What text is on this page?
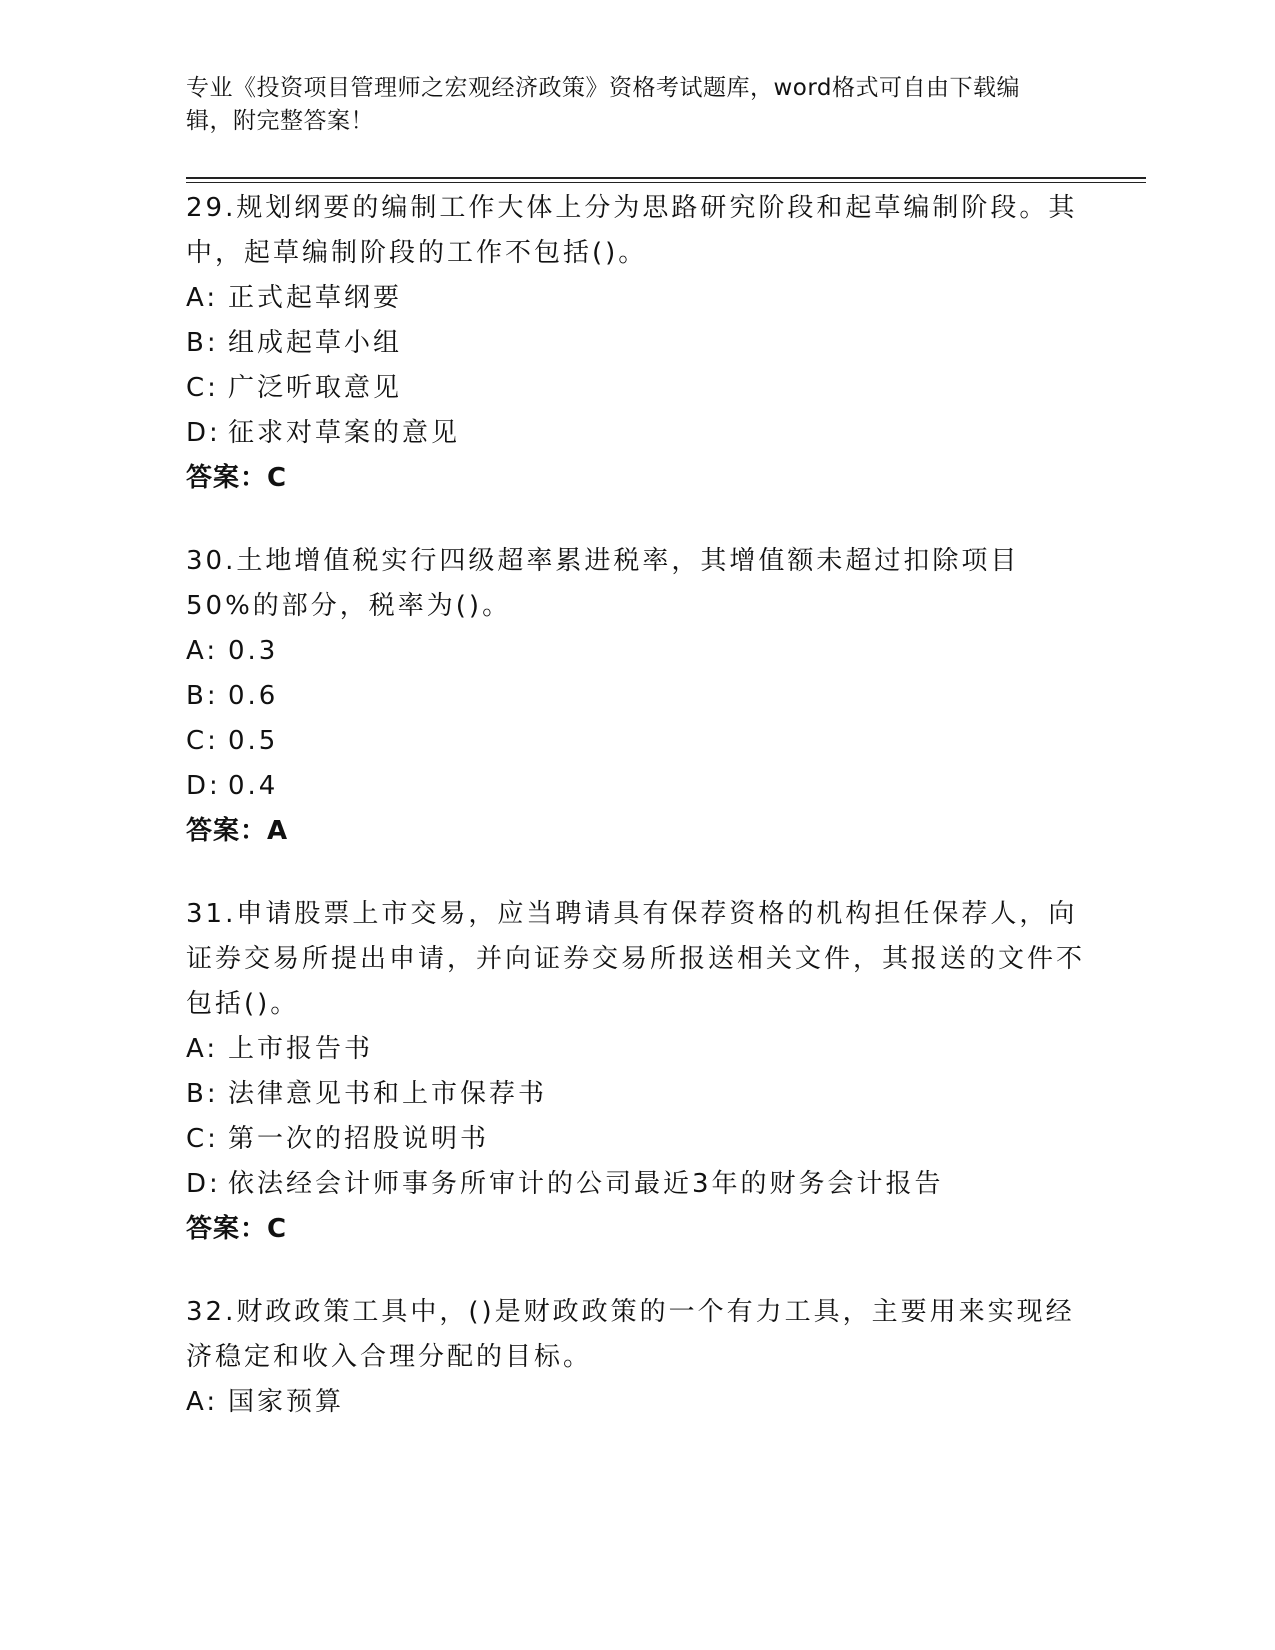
专业《投资项目管理师之宏观经济政策》资格考试题库，word格式可自由下载编
辑，附完整答案！

29.规划纲要的编制工作大体上分为思路研究阶段和起草编制阶段。其中，起草编制阶段的工作不包括()。

A: 正式起草纲要

B: 组成起草小组

C: 广泛听取意见

D: 征求对草案的意见

答案：C

30.土地增值税实行四级超率累进税率，其增值额未超过扣除项目50%的部分，税率为()。

A: 0.3

B: 0.6

C: 0.5

D: 0.4

答案：A

31.申请股票上市交易，应当聘请具有保荐资格的机构担任保荐人，向证券交易所提出申请，并向证券交易所报送相关文件，其报送的文件不包括()。

A: 上市报告书

B: 法律意见书和上市保荐书

C: 第一次的招股说明书

D: 依法经会计师事务所审计的公司最近3年的财务会计报告

答案：C

32.财政政策工具中，()是财政政策的一个有力工具，主要用来实现经济稳定和收入合理分配的目标。

A: 国家预算
